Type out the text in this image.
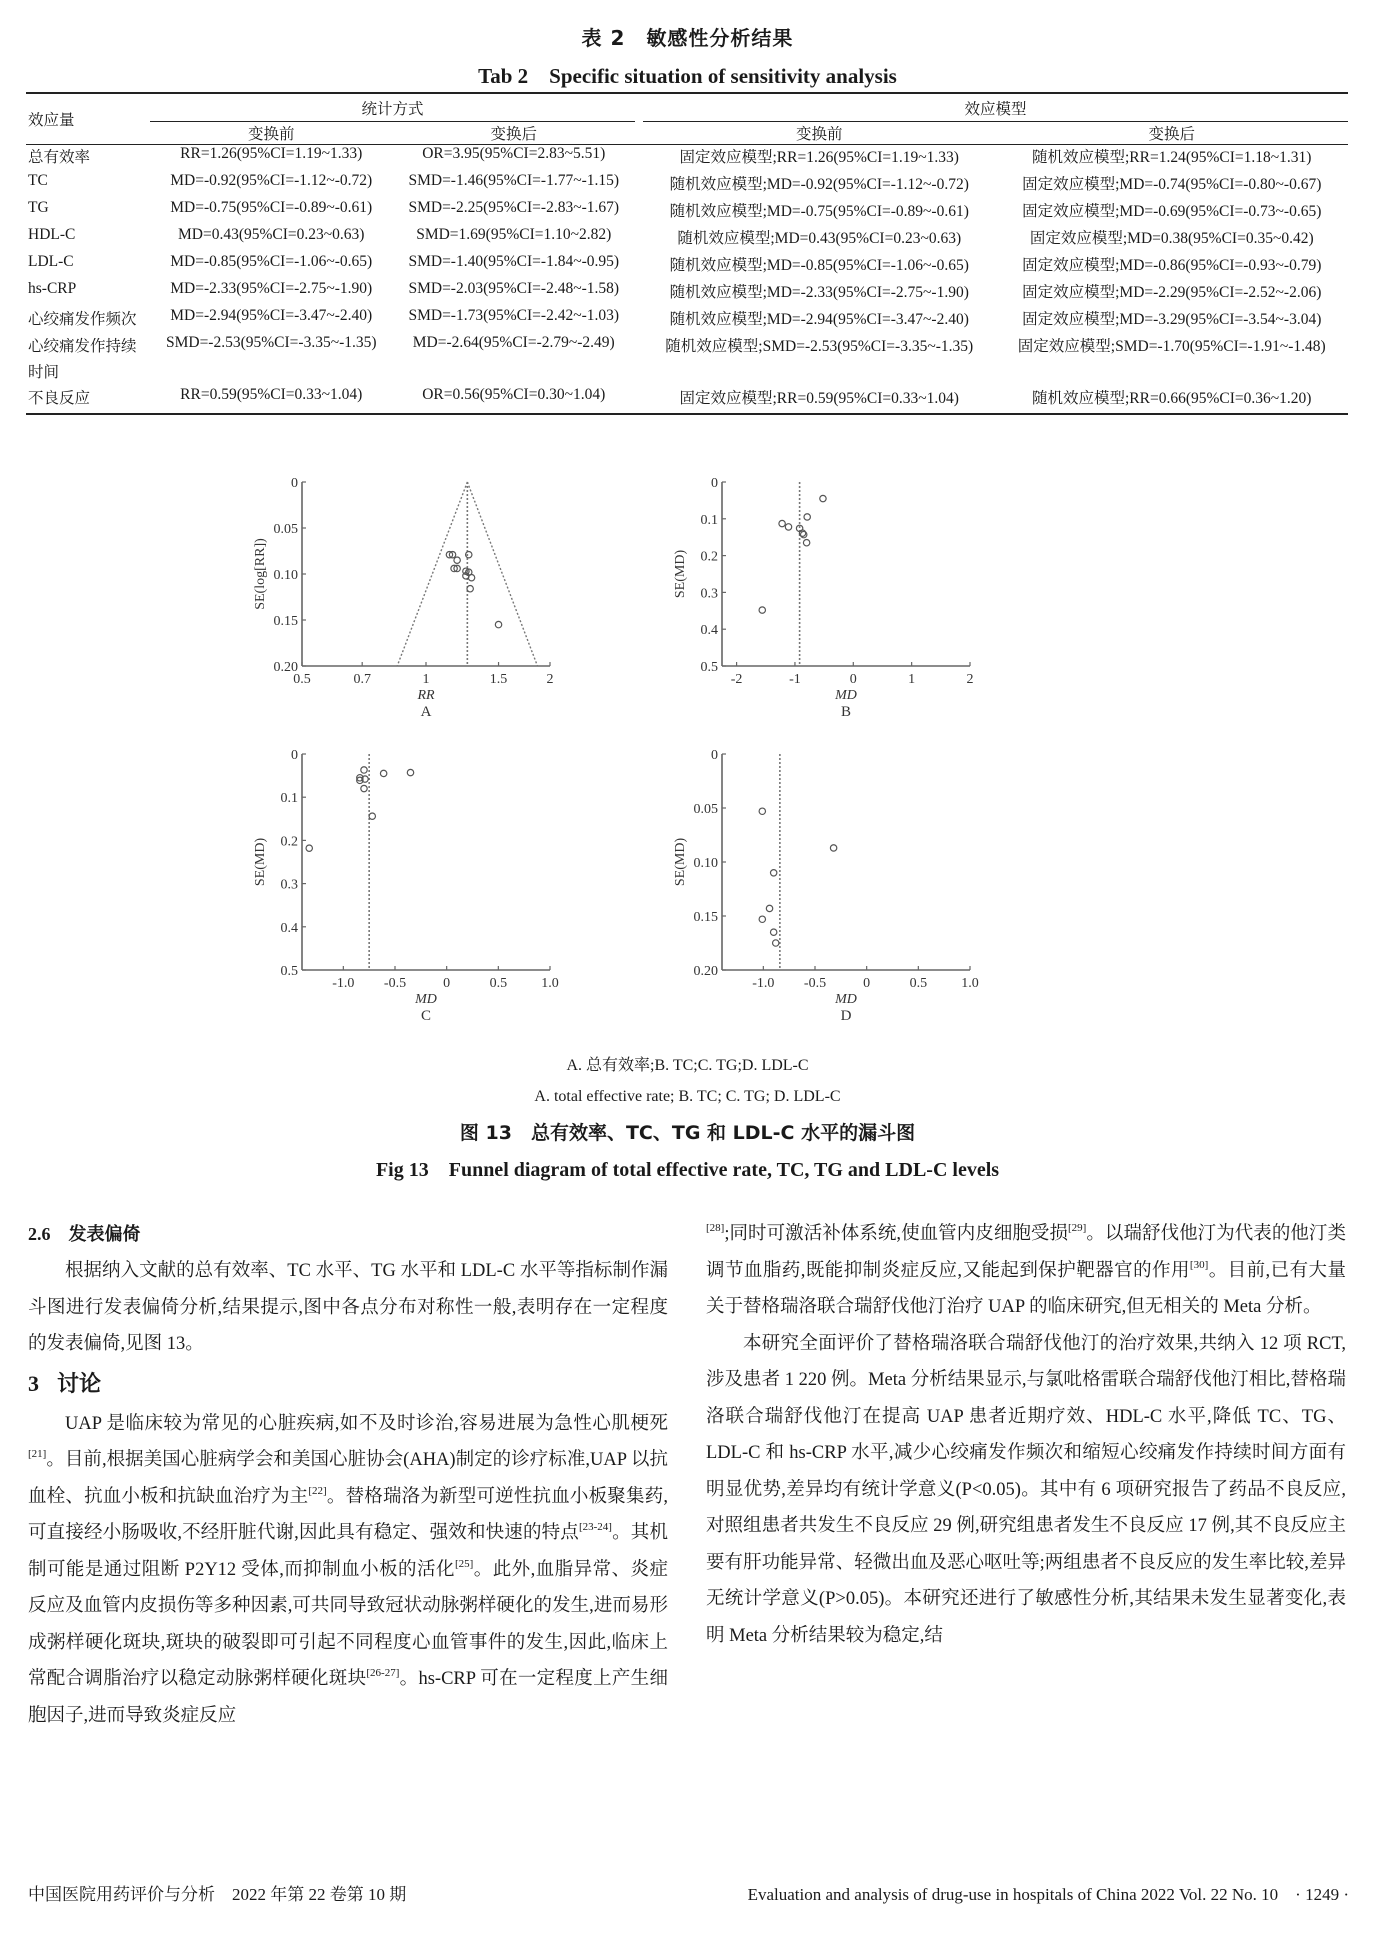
表 2　敏感性分析结果
Tab 2　Specific situation of sensitivity analysis
效应量	统计方式			效应模型	
	变换前	变换后		变换前	变换后
总有效率	RR=1.26(95%CI=1.19~1.33)	OR=3.95(95%CI=2.83~5.51)		固定效应模型;RR=1.26(95%CI=1.19~1.33)	随机效应模型;RR=1.24(95%CI=1.18~1.31)
TC	MD=-0.92(95%CI=-1.12~-0.72)	SMD=-1.46(95%CI=-1.77~-1.15)		随机效应模型;MD=-0.92(95%CI=-1.12~-0.72)	固定效应模型;MD=-0.74(95%CI=-0.80~-0.67)
TG	MD=-0.75(95%CI=-0.89~-0.61)	SMD=-2.25(95%CI=-2.83~-1.67)		随机效应模型;MD=-0.75(95%CI=-0.89~-0.61)	固定效应模型;MD=-0.69(95%CI=-0.73~-0.65)
HDL-C	MD=0.43(95%CI=0.23~0.63)	SMD=1.69(95%CI=1.10~2.82)		随机效应模型;MD=0.43(95%CI=0.23~0.63)	固定效应模型;MD=0.38(95%CI=0.35~0.42)
LDL-C	MD=-0.85(95%CI=-1.06~-0.65)	SMD=-1.40(95%CI=-1.84~-0.95)		随机效应模型;MD=-0.85(95%CI=-1.06~-0.65)	固定效应模型;MD=-0.86(95%CI=-0.93~-0.79)
hs-CRP	MD=-2.33(95%CI=-2.75~-1.90)	SMD=-2.03(95%CI=-2.48~-1.58)		随机效应模型;MD=-2.33(95%CI=-2.75~-1.90)	固定效应模型;MD=-2.29(95%CI=-2.52~-2.06)
心绞痛发作频次	MD=-2.94(95%CI=-3.47~-2.40)	SMD=-1.73(95%CI=-2.42~-1.03)		随机效应模型;MD=-2.94(95%CI=-3.47~-2.40)	固定效应模型;MD=-3.29(95%CI=-3.54~-3.04)
心绞痛发作持续时间	SMD=-2.53(95%CI=-3.35~-1.35)	MD=-2.64(95%CI=-2.79~-2.49)		随机效应模型;SMD=-2.53(95%CI=-3.35~-1.35)	固定效应模型;SMD=-1.70(95%CI=-1.91~-1.48)
不良反应	RR=0.59(95%CI=0.33~1.04)	OR=0.56(95%CI=0.30~1.04)		固定效应模型;RR=0.59(95%CI=0.33~1.04)	随机效应模型;RR=0.66(95%CI=0.36~1.20)
0
0.05
0.10
0.15
0.20
0.5	0.7	1	1.5	2
SE(log[RR])
RR
A
0
0.1
0.2
0.3
0.4
0.5
-2	-1	0	1	2
SE(MD)
MD
B
0
0.1
0.2
0.3
0.4
0.5
-1.0 -0.5	0	0.5 1.0
SE(MD)
MD
C
0
0.05
0.10
0.15
0.20
-1.0 -0.5	0	0.5 1.0
SE(MD)
MD
D
A. 总有效率;B. TC;C. TG;D. LDL-C
A. total effective rate; B. TC; C. TG; D. LDL-C
图 13　总有效率、TC、TG 和 LDL-C 水平的漏斗图
Fig 13　Funnel diagram of total effective rate, TC, TG and LDL-C levels
2.6 发表偏倚

根据纳入文献的总有效率、TC 水平、TG 水平和 LDL-C 水平等指标制作漏斗图进行发表偏倚分析,结果提示,图中各点分布对称性一般,表明存在一定程度的发表偏倚,见图 13。

3 讨论

UAP 是临床较为常见的心脏疾病,如不及时诊治,容易进展为急性心肌梗死[21]。目前,根据美国心脏病学会和美国心脏协会(AHA)制定的诊疗标准,UAP 以抗血栓、抗血小板和抗缺血治疗为主[22]。替格瑞洛为新型可逆性抗血小板聚集药,可直接经小肠吸收,不经肝脏代谢,因此具有稳定、强效和快速的特点[23-24]。其机制可能是通过阻断 P2Y12 受体,而抑制血小板的活化[25]。此外,血脂异常、炎症反应及血管内皮损伤等多种因素,可共同导致冠状动脉粥样硬化的发生,进而易形成粥样硬化斑块,斑块的破裂即可引起不同程度心血管事件的发生,因此,临床上常配合调脂治疗以稳定动脉粥样硬化斑块[26-27]。hs-CRP 可在一定程度上产生细胞因子,进而导致炎症反应

[28];同时可激活补体系统,使血管内皮细胞受损[29]。以瑞舒伐他汀为代表的他汀类调节血脂药,既能抑制炎症反应,又能起到保护靶器官的作用[30]。目前,已有大量关于替格瑞洛联合瑞舒伐他汀治疗 UAP 的临床研究,但无相关的 Meta 分析。

本研究全面评价了替格瑞洛联合瑞舒伐他汀的治疗效果,共纳入 12 项 RCT,涉及患者 1 220 例。Meta 分析结果显示,与氯吡格雷联合瑞舒伐他汀相比,替格瑞洛联合瑞舒伐他汀在提高 UAP 患者近期疗效、HDL-C 水平,降低 TC、TG、LDL-C 和 hs-CRP 水平,减少心绞痛发作频次和缩短心绞痛发作持续时间方面有明显优势,差异均有统计学意义(P<0.05)。其中有 6 项研究报告了药品不良反应,对照组患者共发生不良反应 29 例,研究组患者发生不良反应 17 例,其不良反应主要有肝功能异常、轻微出血及恶心呕吐等;两组患者不良反应的发生率比较,差异无统计学意义(P>0.05)。本研究还进行了敏感性分析,其结果未发生显著变化,表明 Meta 分析结果较为稳定,结

中国医院用药评价与分析　2022 年第 22 卷第 10 期	Evaluation and analysis of drug-use in hospitals of China 2022 Vol. 22 No. 10　· 1249 ·
